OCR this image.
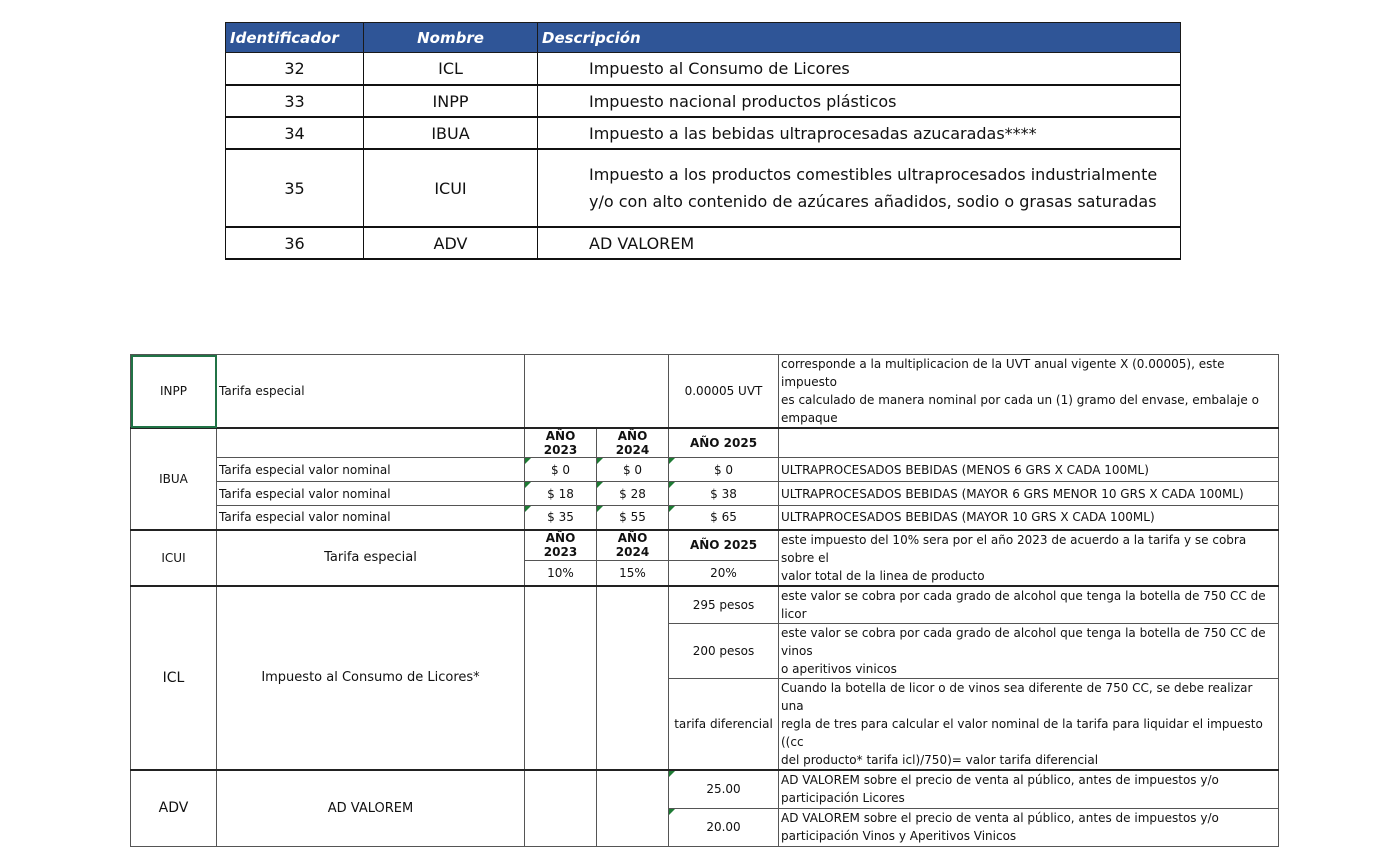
Identificador	Nombre	Descripción
32	ICL	Impuesto al Consumo de Licores
33	INPP	Impuesto nacional productos plásticos
34	IBUA	Impuesto a las bebidas ultraprocesadas azucaradas****
35	ICUI	Impuesto a los productos comestibles ultraprocesados industrialmente
y/o con alto contenido de azúcares añadidos, sodio o grasas saturadas

36	ADV	AD VALOREM
INPP	Tarifa especial			0.00005 UVT	corresponde a la multiplicacion de la UVT anual vigente X (0.00005), este impuesto
es calculado de manera nominal por cada un (1) gramo del envase, embalaje o
empaque

IBUA		AÑO 2023	AÑO 2024	AÑO 2025	
	Tarifa especial valor nominal	$ 0	$ 0	$ 0	ULTRAPROCESADOS BEBIDAS (MENOS 6 GRS X CADA 100ML)
	Tarifa especial valor nominal	$ 18	$ 28	$ 38	ULTRAPROCESADOS BEBIDAS (MAYOR 6 GRS MENOR 10 GRS X CADA 100ML)
	Tarifa especial valor nominal	$ 35	$ 55	$ 65	ULTRAPROCESADOS BEBIDAS (MAYOR 10 GRS X CADA 100ML)
ICUI	Tarifa especial	AÑO 2023	AÑO 2024	AÑO 2025	este impuesto del 10% sera por el año 2023 de acuerdo a la tarifa y se cobra sobre el
valor total de la linea de producto

		10%	15%	20%	
ICL	Impuesto al Consumo de Licores*			295 pesos	este valor se cobra por cada grado de alcohol que tenga la botella de 750 CC de licor
				200 pesos	este valor se cobra por cada grado de alcohol que tenga la botella de 750 CC de vinos
o aperitivos vinicos

				tarifa diferencial	Cuando la botella de licor o de vinos sea diferente de 750 CC, se debe realizar una
regla de tres para calcular el valor nominal de la tarifa para liquidar el impuesto ((cc
del producto* tarifa icl)/750)= valor tarifa diferencial

ADV	AD VALOREM			25.00	AD VALOREM sobre el precio de venta al público, antes de impuestos y/o
participación Licores

				20.00	AD VALOREM sobre el precio de venta al público, antes de impuestos y/o
participación Vinos y Aperitivos Vinicos
